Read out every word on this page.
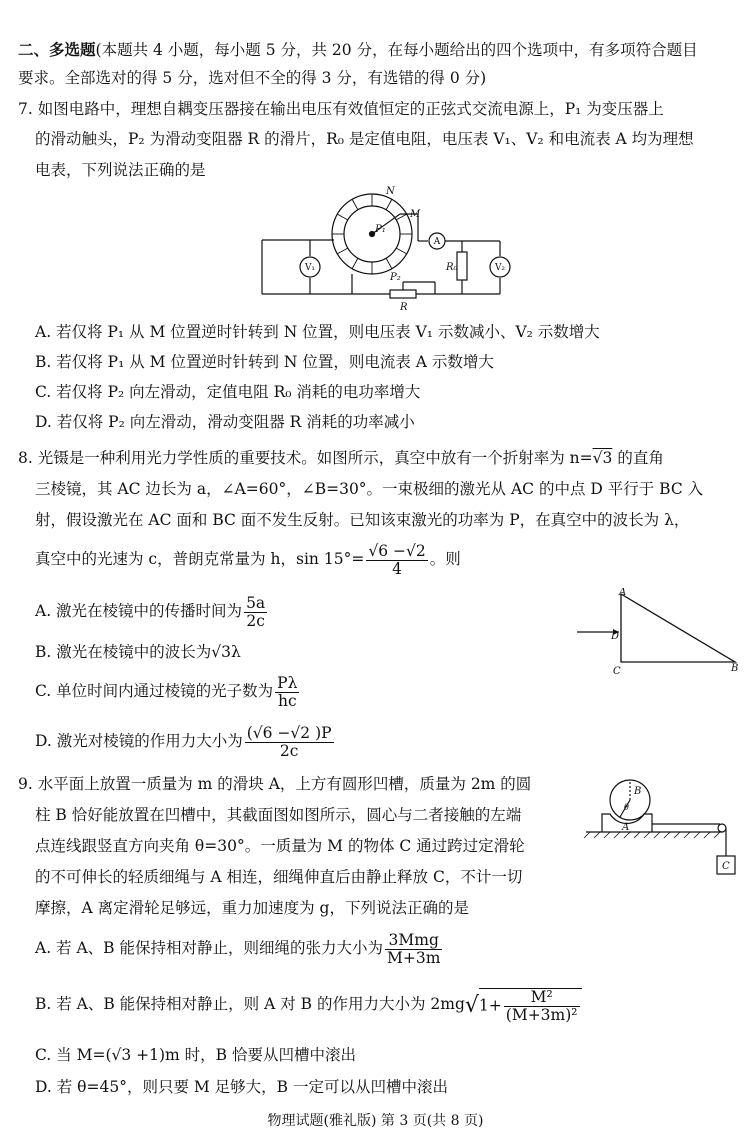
二、多选题(本题共 4 小题，每小题 5 分，共 20 分，在每小题给出的四个选项中，有多项符合题目
要求。全部选对的得 5 分，选对但不全的得 3 分，有选错的得 0 分)
7. 如图电路中，理想自耦变压器接在输出电压有效值恒定的正弦式交流电源上，P₁ 为变压器上
的滑动触头，P₂ 为滑动变阻器 R 的滑片，R₀ 是定值电阻，电压表 V₁、V₂ 和电流表 A 均为理想
电表，下列说法正确的是
N
M
P₁
P₂
R
R₀
V₁	V₂
A
A. 若仅将 P₁ 从 M 位置逆时针转到 N 位置，则电压表 V₁ 示数减小、V₂ 示数增大
B. 若仅将 P₁ 从 M 位置逆时针转到 N 位置，则电流表 A 示数增大
C. 若仅将 P₂ 向左滑动，定值电阻 R₀ 消耗的电功率增大
D. 若仅将 P₂ 向左滑动，滑动变阻器 R 消耗的功率减小
8. 光镊是一种利用光力学性质的重要技术。如图所示，真空中放有一个折射率为 n=√3 的直角
三棱镜，其 AC 边长为 a，∠A=60°，∠B=30°。一束极细的激光从 AC 的中点 D 平行于 BC 入
射，假设激光在 AC 面和 BC 面不发生反射。已知该束激光的功率为 P，在真空中的波长为 λ，
真空中的光速为 c，普朗克常量为 h，$\sin 15^\circ= \frac{√6 -√2}{4}$ 。则
A. 激光在棱镜中的传播时间为 $\frac{5a}{2c}$
B. 激光在棱镜中的波长为√3λ
C. 单位时间内通过棱镜的光子数为 $\frac{P\lambda}{hc}$
D. 激光对棱镜的作用力大小为 $\frac{(√6 -√2 )P}{2c}$
A
D
C	B
9. 水平面上放置一质量为 m 的滑块 A，上方有圆形凹槽，质量为 2m 的圆
柱 B 恰好能放置在凹槽中，其截面图如图所示，圆心与二者接触的左端
点连线跟竖直方向夹角 θ=30°。一质量为 M 的物体 C 通过跨过定滑轮
的不可伸长的轻质细绳与 A 相连，细绳伸直后由静止释放 C，不计一切
摩擦，A 离定滑轮足够远，重力加速度为 g，下列说法正确的是
B
θ
A
C
A. 若 A、B 能保持相对静止，则细绳的张力大小为 $\frac{\text{3Mmg}}{M+3m}$
B. 若 A、B 能保持相对静止，则 A 对 B 的作用力大小为 $2mg√1+ \frac{\text{M²}}{\text{(M+3m)²}}$
C. 当 M=(√3 +1)m 时，B 恰要从凹槽中滚出
D. 若 θ=45°，则只要 M 足够大，B 一定可以从凹槽中滚出
物理试题(雅礼版) 第 3 页(共 8 页)
